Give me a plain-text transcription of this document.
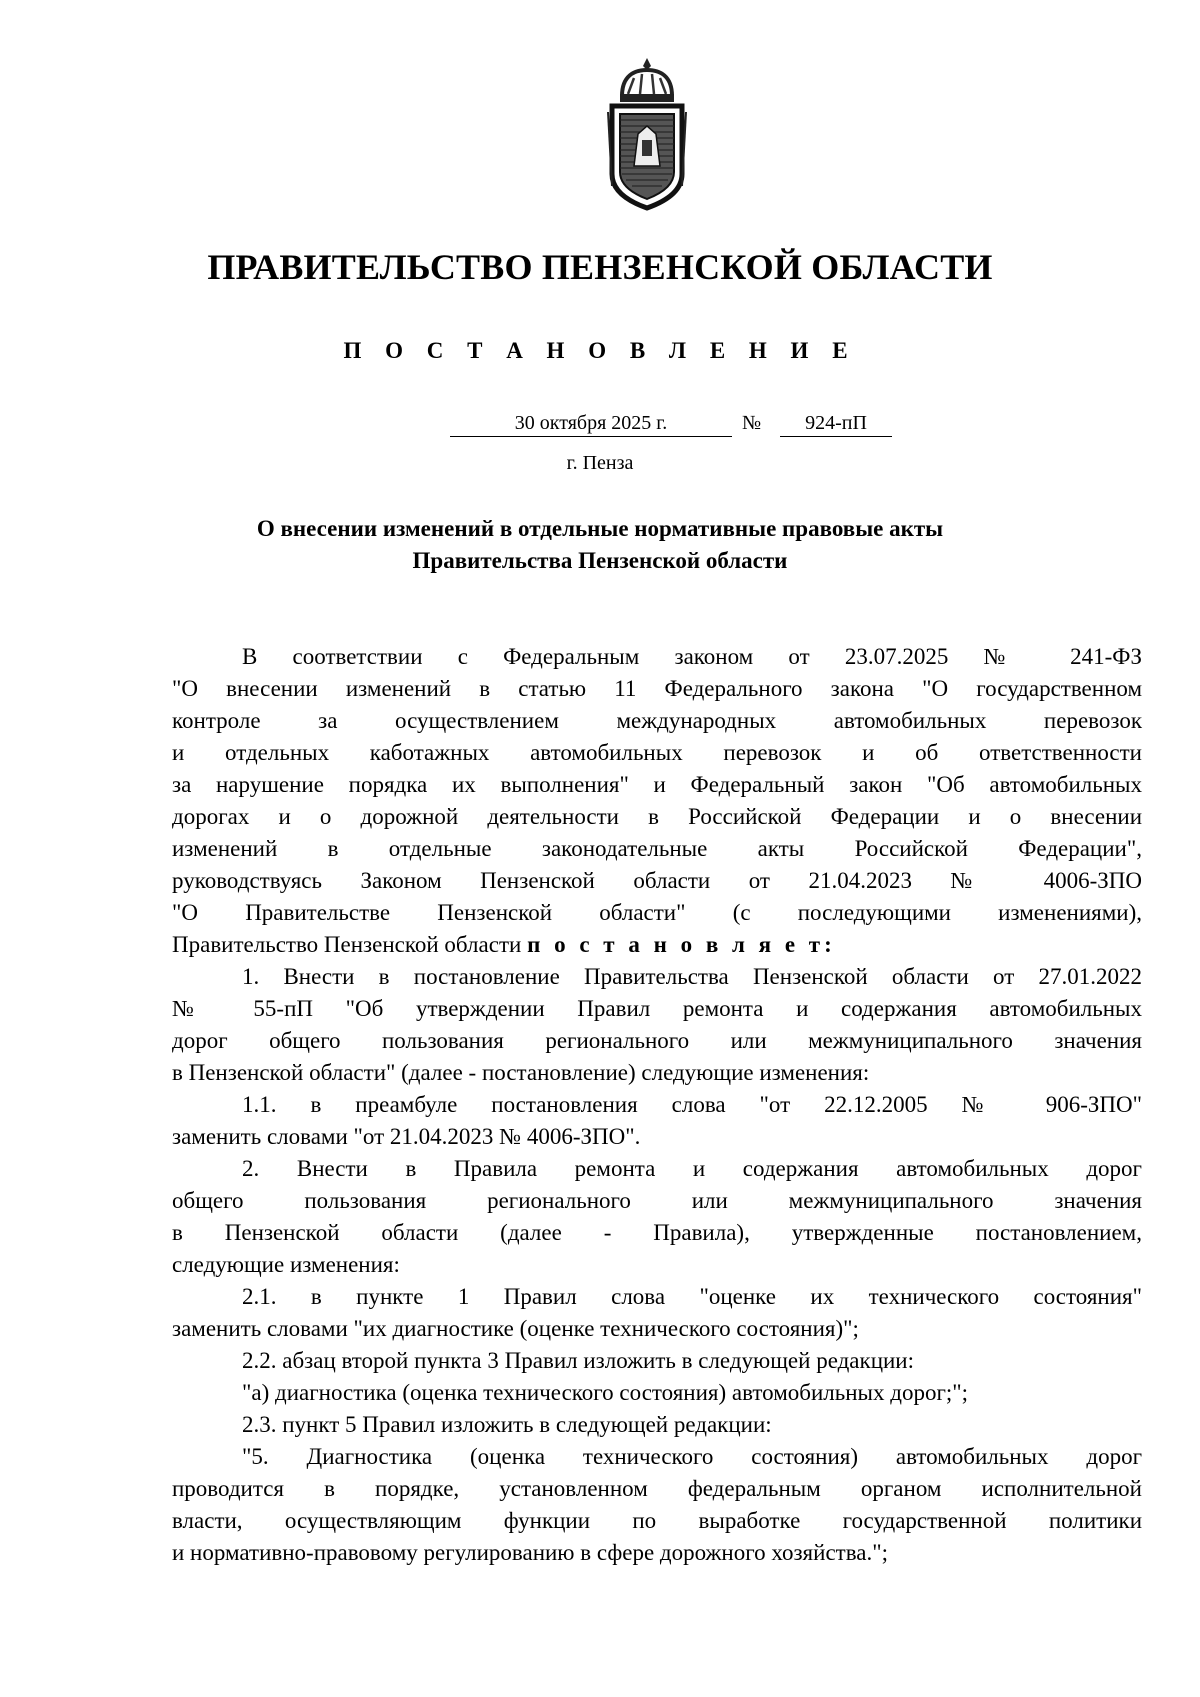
ПРАВИТЕЛЬСТВО ПЕНЗЕНСКОЙ ОБЛАСТИ
П О С Т А Н О В Л Е Н И Е
30 октября 2025 г.	№	924-пП
г. Пенза
О внесении изменений в отдельные нормативные правовые акты
Правительства Пензенской области
В соответствии с Федеральным законом от 23.07.2025 № 241-ФЗ
"О внесении изменений в статью 11 Федерального закона "О государственном
контроле за осуществлением международных автомобильных перевозок
и отдельных каботажных автомобильных перевозок и об ответственности
за нарушение порядка их выполнения" и Федеральный закон "Об автомобильных
дорогах и о дорожной деятельности в Российской Федерации и о внесении
изменений в отдельные законодательные акты Российской Федерации",
руководствуясь Законом Пензенской области от 21.04.2023 № 4006-ЗПО
"О Правительстве Пензенской области" (с последующими изменениями),
Правительство Пензенской области п о с т а н о в л я е т:
1. Внести в постановление Правительства Пензенской области от 27.01.2022
№ 55-пП "Об утверждении Правил ремонта и содержания автомобильных
дорог общего пользования регионального или межмуниципального значения
в Пензенской области" (далее - постановление) следующие изменения:
1.1. в преамбуле постановления слова "от 22.12.2005 № 906-ЗПО"
заменить словами "от 21.04.2023 № 4006-ЗПО".
2. Внести в Правила ремонта и содержания автомобильных дорог
общего пользования регионального или межмуниципального значения
в Пензенской области (далее - Правила), утвержденные постановлением,
следующие изменения:
2.1. в пункте 1 Правил слова "оценке их технического состояния"
заменить словами "их диагностике (оценке технического состояния)";
2.2. абзац второй пункта 3 Правил изложить в следующей редакции:
"а) диагностика (оценка технического состояния) автомобильных дорог;";
2.3. пункт 5 Правил изложить в следующей редакции:
"5. Диагностика (оценка технического состояния) автомобильных дорог
проводится в порядке, установленном федеральным органом исполнительной
власти, осуществляющим функции по выработке государственной политики
и нормативно-правовому регулированию в сфере дорожного хозяйства.";
